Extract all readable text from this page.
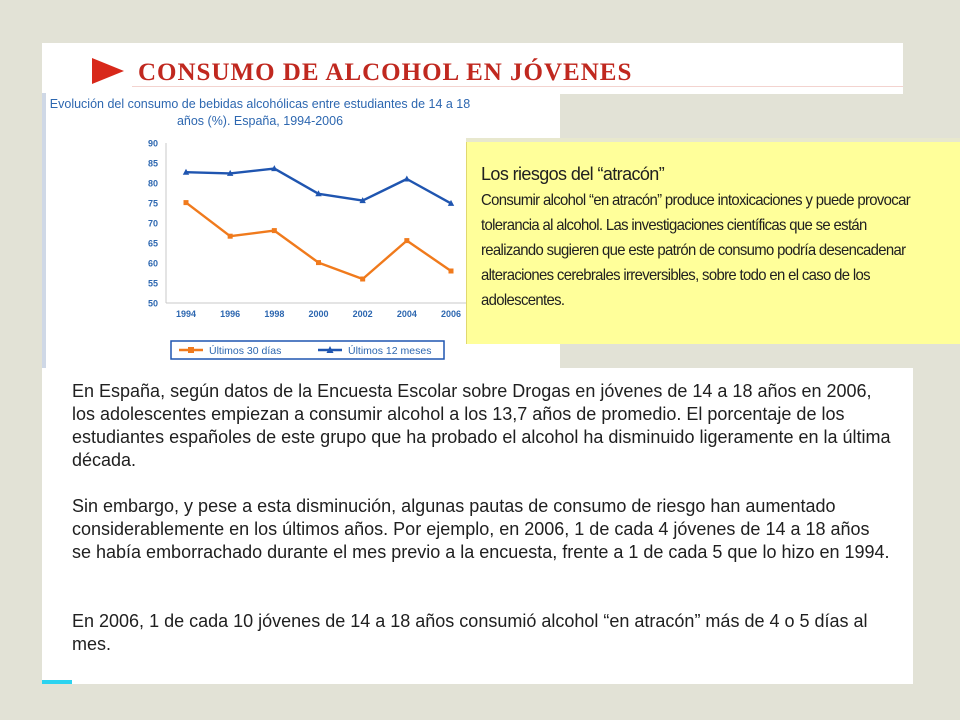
CONSUMO DE ALCOHOL EN JÓVENES
Evolución del consumo de bebidas alcohólicas entre estudiantes de 14 a 18
años (%). España, 1994-2006
50
55
60
65
70
75
80
85
90
1994	1996	1998	2000	2002	2004	2006
Últimos 30 días	Últimos 12 meses
Los riesgos del “atracón”
Consumir alcohol “en atracón” produce intoxicaciones y puede provocar tolerancia al alcohol. Las investigaciones científicas que se están realizando sugieren que este patrón de consumo podría desencadenar alteraciones cerebrales irreversibles, sobre todo en el caso de los adolescentes.

En España, según datos de la Encuesta Escolar sobre Drogas en jóvenes de 14 a 18 años en 2006, los adolescentes empiezan a consumir alcohol a los 13,7 años de promedio. El porcentaje de los estudiantes españoles de este grupo que ha probado el alcohol ha disminuido ligeramente en la última década.

Sin embargo, y pese a esta disminución, algunas pautas de consumo de riesgo han aumentado considerablemente en los últimos años. Por ejemplo, en 2006, 1 de cada 4 jóvenes de 14 a 18 años se había emborrachado durante el mes previo a la encuesta, frente a 1 de cada 5 que lo hizo en 1994.

En 2006, 1 de cada 10 jóvenes de 14 a 18 años consumió alcohol “en atracón” más de 4 o 5 días al mes.
